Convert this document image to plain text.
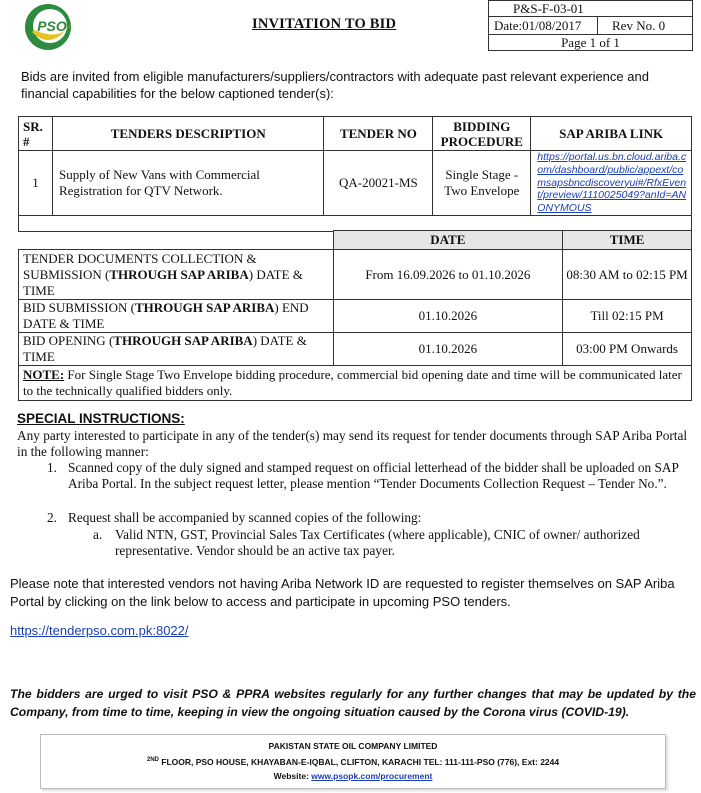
PSO	INVITATION TO BID
P&S-F-03-01
Date:01/08/2017	Rev No. 0
Page 1 of 1
Bids are invited from eligible manufacturers/suppliers/contractors with adequate past relevant experience and financial capabilities for the below captioned tender(s):
SR. #	TENDERS DESCRIPTION	TENDER NO	BIDDING PROCEDURE	SAP ARIBA LINK
1	Supply of New Vans with Commercial Registration for QTV Network.	QA-20021-MS	Single Stage - Two Envelope	https://portal.us.bn.cloud.ariba.com/dashboard/public/appext/comsapsbncdiscoveryui#/RfxEvent/preview/1110025049?anId=ANONYMOUS

	DATE	TIME
TENDER DOCUMENTS COLLECTION & SUBMISSION (THROUGH SAP ARIBA) DATE & TIME	From 16.09.2026 to 01.10.2026	08:30 AM to 02:15 PM
BID SUBMISSION (THROUGH SAP ARIBA) END DATE & TIME	01.10.2026	Till 02:15 PM
BID OPENING (THROUGH SAP ARIBA) DATE & TIME	01.10.2026	03:00 PM Onwards
NOTE: For Single Stage Two Envelope bidding procedure, commercial bid opening date and time will be communicated later to the technically qualified bidders only.		
SPECIAL INSTRUCTIONS:
Any party interested to participate in any of the tender(s) may send its request for tender documents through SAP Ariba Portal in the following manner:
1. Scanned copy of the duly signed and stamped request on official letterhead of the bidder shall be uploaded on SAP Ariba Portal. In the subject request letter, please mention “Tender Documents Collection Request – Tender No.”.
2. Request shall be accompanied by scanned copies of the following:
a. Valid NTN, GST, Provincial Sales Tax Certificates (where applicable), CNIC of owner/ authorized representative. Vendor should be an active tax payer.
Please note that interested vendors not having Ariba Network ID are requested to register themselves on SAP Ariba Portal by clicking on the link below to access and participate in upcoming PSO tenders.
https://tenderpso.com.pk:8022/
The bidders are urged to visit PSO & PPRA websites regularly for any further changes that may be updated by the Company, from time to time, keeping in view the ongoing situation caused by the Corona virus (COVID-19).
PAKISTAN STATE OIL COMPANY LIMITED
$^{2ND}$ FLOOR, PSO HOUSE, KHAYABAN-E-IQBAL, CLIFTON, KARACHI TEL: 111-111-PSO (776), Ext: 2244
Website: www.psopk.com/procurement
